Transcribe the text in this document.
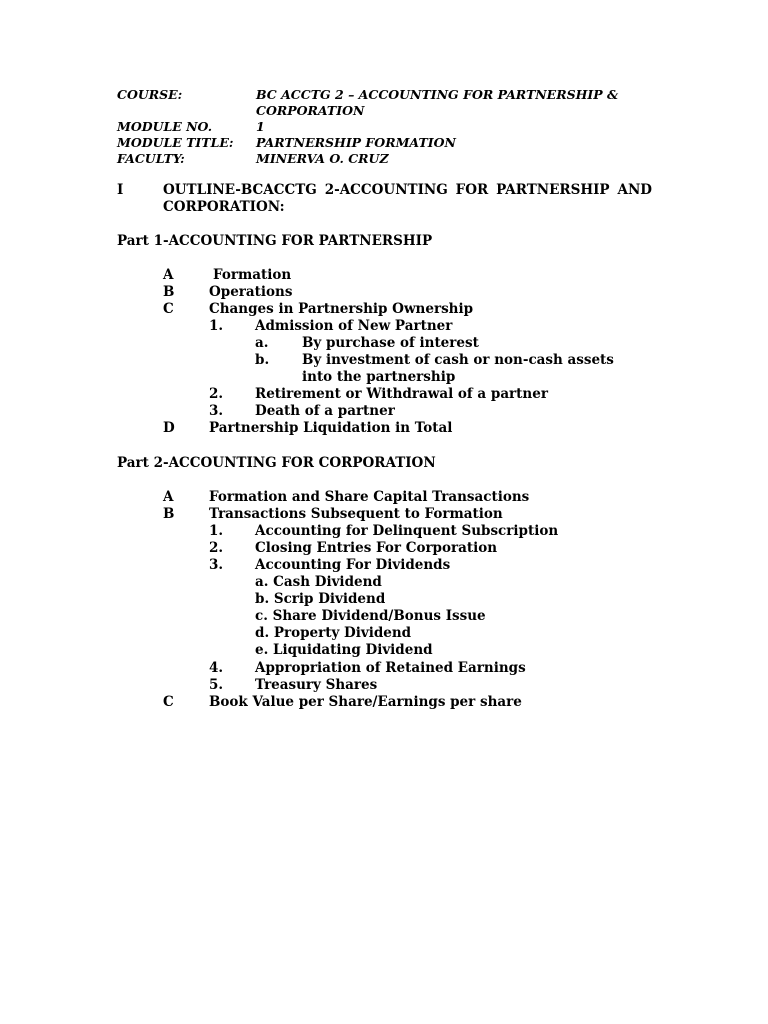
COURSE:	BC ACCTG 2 – ACCOUNTING FOR PARTNERSHIP & CORPORATION
MODULE NO.	1
MODULE TITLE:	PARTNERSHIP FORMATION
FACULTY:	MINERVA O. CRUZ
I	OUTLINE-BCACCTG 2-ACCOUNTING FOR PARTNERSHIP AND
CORPORATION:
Part 1-ACCOUNTING FOR PARTNERSHIP
A	Formation
B	Operations
C	Changes in Partnership Ownership
1. Admission of New Partner
a. By purchase of interest
b. By investment of cash or non-cash assets
into the partnership
2. Retirement or Withdrawal of a partner
3. Death of a partner
D	Partnership Liquidation in Total
Part 2-ACCOUNTING FOR CORPORATION
A	Formation and Share Capital Transactions
B	Transactions Subsequent to Formation
1. Accounting for Delinquent Subscription
2. Closing Entries For Corporation
3. Accounting For Dividends
a. Cash Dividend
b. Scrip Dividend
c. Share Dividend/Bonus Issue
d. Property Dividend
e. Liquidating Dividend
4. Appropriation of Retained Earnings
5. Treasury Shares
C	Book Value per Share/Earnings per share
